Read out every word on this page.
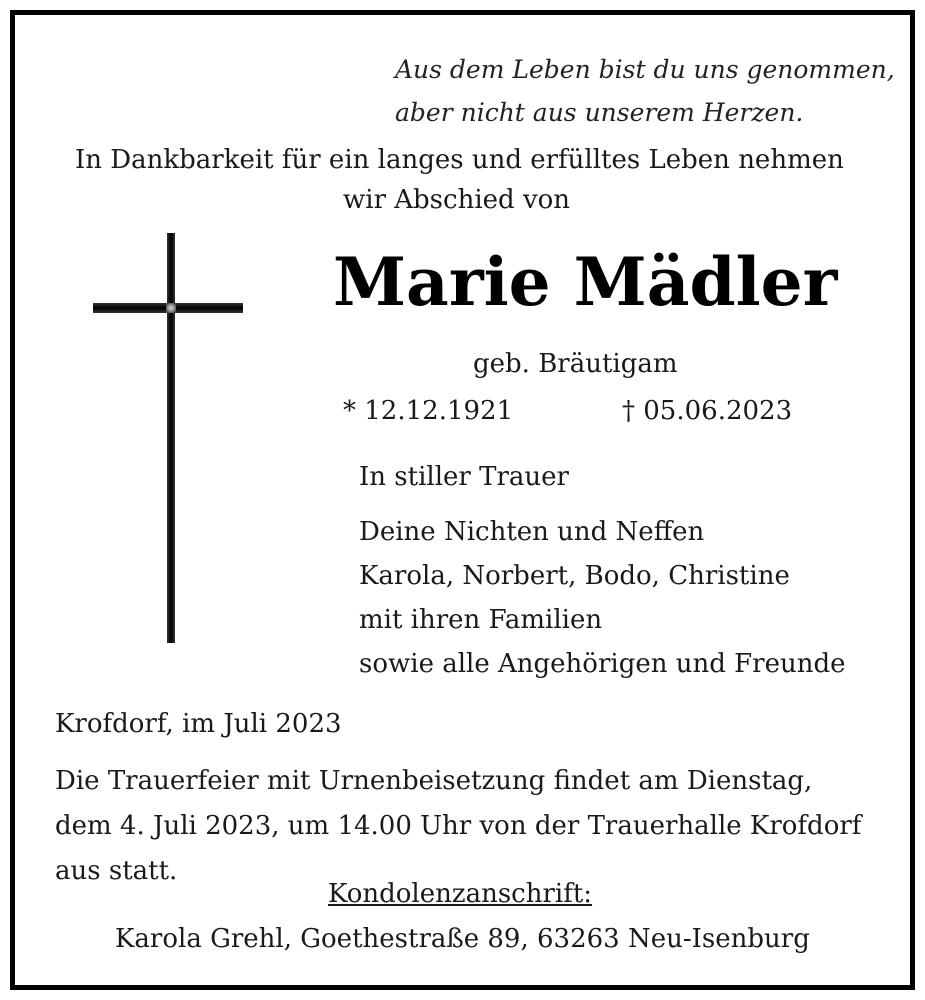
Aus dem Leben bist du uns genommen,
aber nicht aus unserem Herzen.
In Dankbarkeit für ein langes und erfülltes Leben nehmen
wir Abschied von
Marie Mädler
geb. Bräutigam
* 12.12.1921	† 05.06.2023
In stiller Trauer
Deine Nichten und Neffen
Karola, Norbert, Bodo, Christine
mit ihren Familien
sowie alle Angehörigen und Freunde
Krofdorf, im Juli 2023
Die Trauerfeier mit Urnenbeisetzung findet am Dienstag,
dem 4. Juli 2023, um 14.00 Uhr von der Trauerhalle Krofdorf
aus statt.
Kondolenzanschrift:
Karola Grehl, Goethestraße 89, 63263 Neu-Isenburg
